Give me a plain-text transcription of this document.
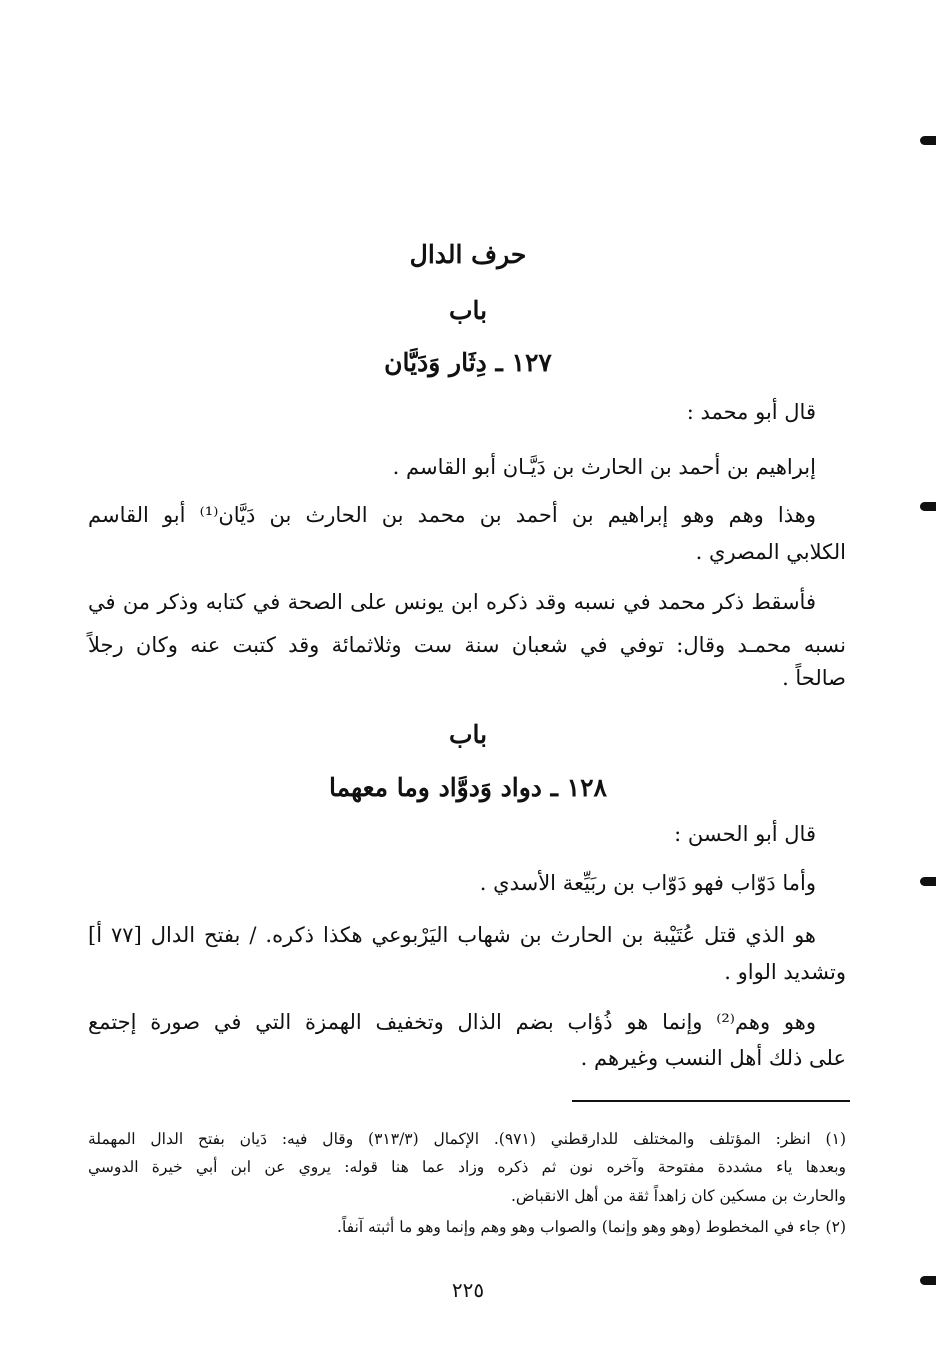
حرف الدال
باب
١٢٧ ـ دِثَار وَدَيَّان
قال أبو محمد :
إبراهيم بن أحمد بن الحارث بن دَيَّـان أبو القاسم .
وهذا وهم وهو إبراهيم بن أحمد بن محمد بن الحارث بن دَيَّان⁽¹⁾ أبو القاسم
الكلابي المصري .
فأسقط ذكر محمد في نسبه وقد ذكره ابن يونس على الصحة في كتابه وذكر من في
نسبه محمـد وقال: توفي في شعبان سنة ست وثلاثمائة وقد كتبت عنه وكان رجلاً
صالحاً .
باب
١٢٨ ـ دواد وَدوَّاد وما معهما
قال أبو الحسن :
وأما دَوّاب فهو دَوّاب بن ربَيِّعة الأسدي .
هو الذي قتل عُتَيْبة بن الحارث بن شهاب اليَرْبوعي هكذا ذكره. / بفتح الدال [٧٧ أ]
وتشديد الواو .
وهو وهم⁽²⁾ وإنما هو ذُؤاب بضم الذال وتخفيف الهمزة التي في صورة إجتمع
على ذلك أهل النسب وغيرهم .
(١) انظر: المؤتلف والمختلف للدارقطني (٩٧١). الإكمال (٣١٣/٣) وقال فيه: دَيان بفتح الدال المهملة
وبعدها ياء مشددة مفتوحة وآخره نون ثم ذكره وزاد عما هنا قوله: يروي عن ابن أبي خيرة الدوسي
والحارث بن مسكين كان زاهداً ثقة من أهل الانقباض.
(٢) جاء في المخطوط (وهو وهو وإنما) والصواب وهو وهم وإنما وهو ما أثبته آنفاً.
٢٢٥
